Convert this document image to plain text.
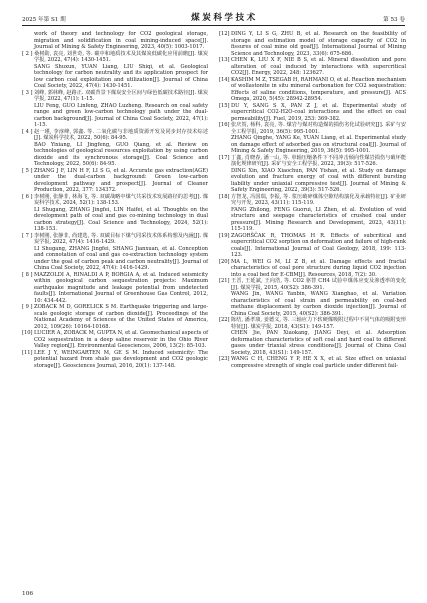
2025 年第 S1 期	煤炭科学技术	第 53 卷

work of theory and technology for CO2 geological storage, migration and solidification in coal mining-induced space[J]. Journal of Mining & Safety Engineering, 2023, 40(5): 1003-1017.

[ 2 ] 桑树勋, 袁亮, 刘世奇, 等. 碳中和地质技术及其煤炭低碳化应用前瞻[J]. 煤炭学报, 2022, 47(4): 1430-1451.
SANG Shuxun, YUAN Liang, LIU Shiqi, et al. Geological technology for carbon neutrality and its application prospect for low carbon coal exploitation and utilization[J]. Journal of China Coal Society, 2022, 47(4): 1430-1451.

[ 3 ] 刘峰, 郭林峰, 赵路正. 双碳背景下煤炭安全区间与绿色低碳技术路径[J]. 煤炭学报, 2022, 47(1): 1-15.
LIU Feng, GUO Linfeng, ZHAO Luzheng. Research on coal safety range and green low-carbon technology path under the dual-carbon background[J]. Journal of China Coal Society, 2022, 47(1): 1-15.

[ 4 ] 赵一瑾, 李淳峰, 郭鑫. 等. 二氧化碳与非地质资源开发及同步封存技术综述[J]. 煤炭科学技术, 2022, 50(6): 84-95.
BAO Yixiang, LI Jingfeng, GUO Qiang, et al. Review on technologies of geological resources exploitation by using carbon dioxide and its synchronous storage[J]. Coal Science and Technology, 2022, 50(6): 84-95.

[ 5 ] ZHANG J F, LIN H F, LI S G, et al. Accurate gas extraction(AGE) under the dual-carbon background: Green low-carbon development pathway and prospect[J]. Journal of Cleaner Production, 2022, 377: 134372.

[ 6 ] 李树刚, 张静非, 林海飞, 等. 双碳战略中煤气共采技术发展路径的思考[J]. 煤炭科学技术, 2024, 52(1): 138-153.
LI Shugang, ZHANG Jingfei, LIN Haifei, et al. Thoughts on the development path of coal and gas co-mining technology in dual carbon strategy[J]. Coal Science and Technology, 2024, 52(1): 138-153.

[ 7 ] 李树刚, 张静非, 尚建选, 等. 双碳目标下煤气同采技术体系构想及内涵[J]. 煤炭学报, 2022, 47(4): 1416-1429.
LI Shugang, ZHANG Jingfei, SHANG Jianxuan, et al. Conception and connotation of coal and gas co-extraction technology system under the goal of carbon peak and carbon neutrality[J]. Journal of China Coal Society, 2022, 47(4): 1416-1429.

[ 8 ] MAZZOLDI A, RINALDI A P, BORGIA A, et al. Induced seismicity within geological carbon sequestration projects: Maximum earthquake magnitude and leakage potential from undetected faults[J]. International Journal of Greenhouse Gas Control, 2012, 10: 434-442.

[ 9 ] ZOBACK M D, GORELICK S M. Earthquake triggering and large-scale geologic storage of carbon dioxide[J]. Proceedings of the National Academy of Sciences of the United States of America, 2012, 109(26): 10164-10168.

[10] LUCIER A, ZOBACK M, GUPTA N, et al. Geomechanical aspects of CO2 sequestration in a deep saline reservoir in the Ohio River Valley region[J]. Environmental Geosciences, 2006, 13(2): 85-103.

[11] LEE J Y, WEINGARTEN M, GE S M. Induced seismicity: The potential hazard from shale gas development and CO2 geologic storage[J]. Geosciences Journal, 2016, 20(1): 137-148.

[12] DING Y, LI S G, ZHU B, et al. Research on the feasibility of storage and estimation model of storage capacity of CO2 in fissures of coal mine old goaf[J]. International Journal of Mining Science and Technology, 2023, 33(6): 675-686.

[13] CHEN K, LIU X F, NIE B S, et al. Mineral dissolution and pore alteration of coal induced by interactions with supercritical CO2[J]. Energy, 2022, 248: 123627.

[14] KASHIM M Z, TSEGAB H, RAHMANI O, et al. Reaction mechanism of wollastonite in situ mineral carbonation for CO2 sequestration: Effects of saline conditions, temperature, and pressure[J]. ACS Omega, 2020, 5(45): 28942-28954.

[15] DU Y, SANG S X, PAN Z J, et al. Experimental study of supercritical CO2-H2O-coal interactions and the effect on coal permeability[J]. Fuel, 2019, 253: 369-382.

[16] 张庆贺, 杨科, 袁亮, 等. 煤岩与煤对构造煤的损伤劣化试验研究[J]. 采矿与安全工程学报, 2019, 36(5): 995-1001.
ZHANG Qinghe, YANG Ke, YUAN Liang, et al. Experimental study on damage effect of adsorbed gas on structural coal[J]. Journal of Mining & Safety Engineering, 2019, 36(5): 995-1001.

[17] 丁鑫, 肖晓春, 潘一山, 等. 单轴压缩条件下不同冲击倾向性煤岩损伤与破坏能演化规律研究[J]. 采矿与安全工程学报, 2022, 39(3): 517-526.
DING Xin, XIAO Xiaochun, PAN Yishan, et al. Study on damage evolution and fracture energy of coal with different bursting liability under uniaxial compressive test[J]. Journal of Mining & Safety Engineering, 2022, 39(3): 517-526.

[18] 方智龙, 冯国瑞, 李振, 等. 浆压破碎煤体空隙结构演化及承载特征[J]. 矿业研究与开发, 2023, 43(11): 115-119.
FANG Zhilong, FENG Guorui, LI Zhen, et al. Evolution of void structure and seepage characteristics of crushed coal under pressure[J]. Mining Research and Development, 2023, 43(11): 115-119.

[19] ZAGORŠČAK R, THOMAS H R. Effects of subcritical and supercritical CO2 sorption on deformation and failure of high-rank coals[J]. International Journal of Coal Geology, 2018, 199: 113-123.

[20] MA L, WEI G M, LI Z B, et al. Damage effects and fractal characteristics of coal pore structure during liquid CO2 injection into a coal bed for E-CBM[J]. Resources, 2018, 7(2): 30.

[21] 王晋, 王延斌, 王向浩, 等. CO2 驱替 CH4 试验中煤体应变及渗透率的变化[J]. 煤炭学报, 2015, 40(S2): 386-391.
WANG Jin, WANG Yanbin, WANG Xianghao, et al. Variation characteristics of coal strain and permeability on coal-bed methane displacement by carbon dioxide injection[J]. Journal of China Coal Society, 2015, 40(S2): 386-391.

[22] 陈结, 潘孝康, 姜德义, 等. 三轴应力下软硬煤吸附过程中不同气体的吸附变形特征[J]. 煤炭学报, 2018, 43(S1): 149-157.
CHEN Jie, PAN Xiaokang, JIANG Deyi, et al. Adsorption deformation characteristics of soft coal and hard coal to different gases under triaxial stress conditions[J]. Journal of China Coal Society, 2018, 43(S1): 149-157.

[23] WANG C H, CHENG Y P, HE X X, et al. Size effect on uniaxial compressive strength of single coal particle under different fail-

106
